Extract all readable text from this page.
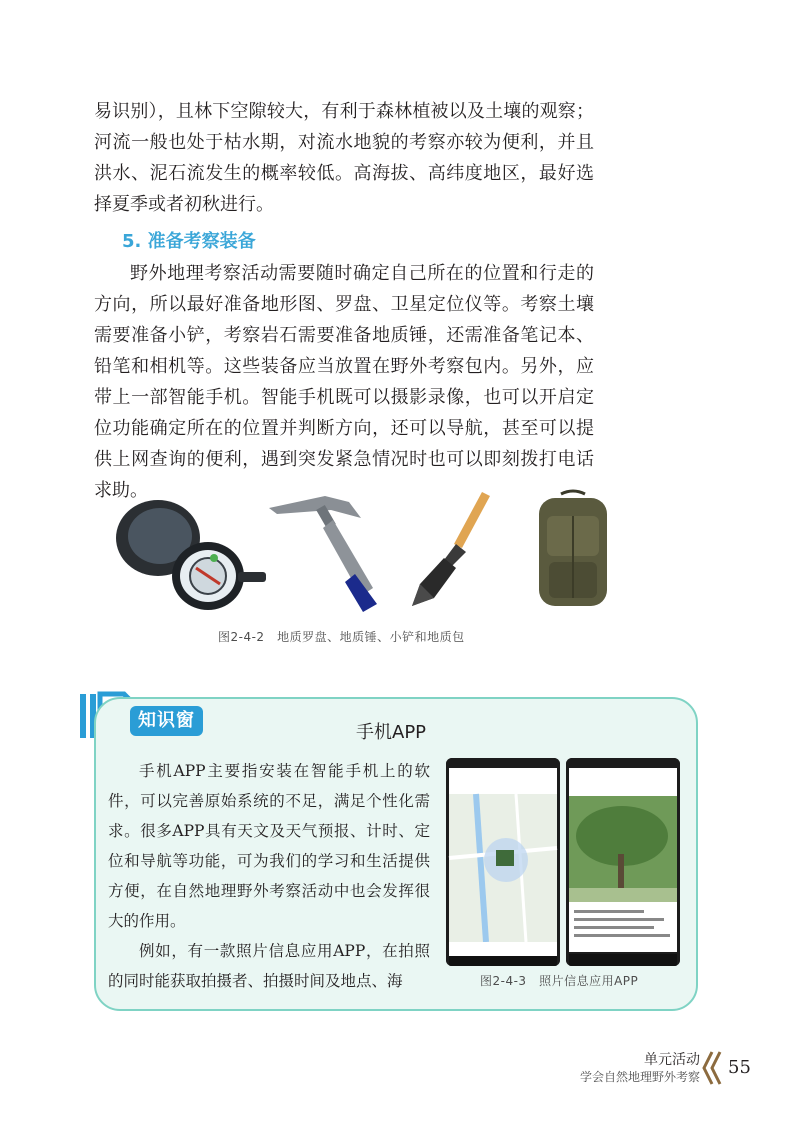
易识别），且林下空隙较大，有利于森林植被以及土壤的观察；河流一般也处于枯水期，对流水地貌的考察亦较为便利，并且洪水、泥石流发生的概率较低。高海拔、高纬度地区，最好选择夏季或者初秋进行。

5. 准备考察装备

野外地理考察活动需要随时确定自己所在的位置和行走的方向，所以最好准备地形图、罗盘、卫星定位仪等。考察土壤需要准备小铲，考察岩石需要准备地质锤，还需准备笔记本、铅笔和相机等。这些装备应当放置在野外考察包内。另外，应带上一部智能手机。智能手机既可以摄影录像，也可以开启定位功能确定所在的位置并判断方向，还可以导航，甚至可以提供上网查询的便利，遇到突发紧急情况时也可以即刻拨打电话求助。

图2-4-2　地质罗盘、地质锤、小铲和地质包
知识窗
手机APP

手机APP主要指安装在智能手机上的软件，可以完善原始系统的不足，满足个性化需求。很多APP具有天文及天气预报、计时、定位和导航等功能，可为我们的学习和生活提供方便，在自然地理野外考察活动中也会发挥很大的作用。

例如，有一款照片信息应用APP，在拍照的同时能获取拍摄者、拍摄时间及地点、海	图2-4-3　照片信息应用APP
单元活动
学会自然地理野外考察 55
